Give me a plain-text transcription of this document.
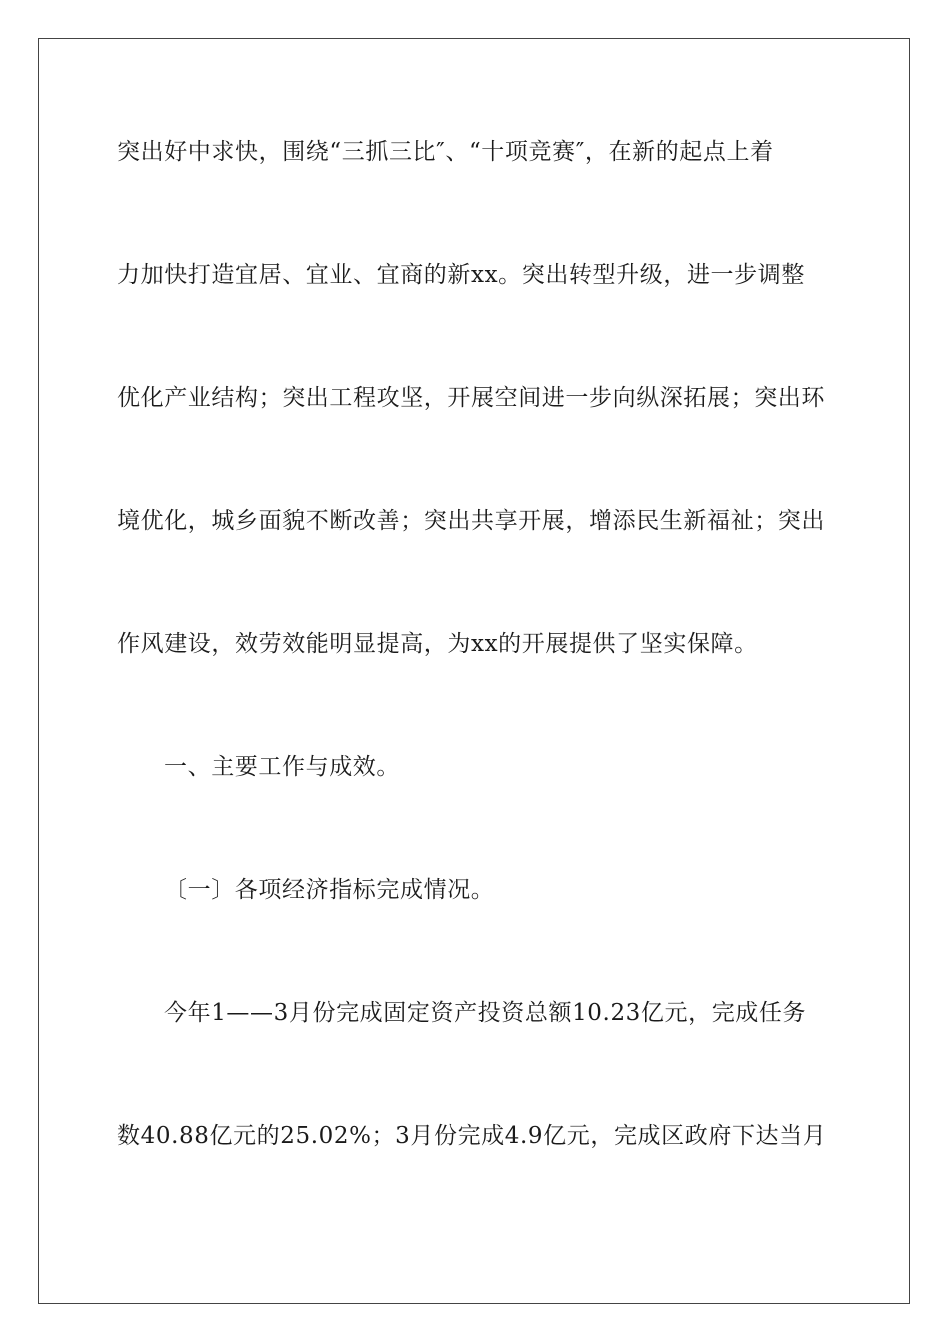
突出好中求快，围绕“三抓三比″、“十项竞赛″，在新的起点上着
力加快打造宜居、宜业、宜商的新xx。突出转型升级，进一步调整
优化产业结构；突出工程攻坚，开展空间进一步向纵深拓展；突出环
境优化，城乡面貌不断改善；突出共享开展，增添民生新福祉；突出
作风建设，效劳效能明显提高，为xx的开展提供了坚实保障。
一、主要工作与成效。
〔一〕各项经济指标完成情况。
今年1——3月份完成固定资产投资总额10.23亿元，完成任务
数40.88亿元的25.02%；3月份完成4.9亿元，完成区政府下达当月
